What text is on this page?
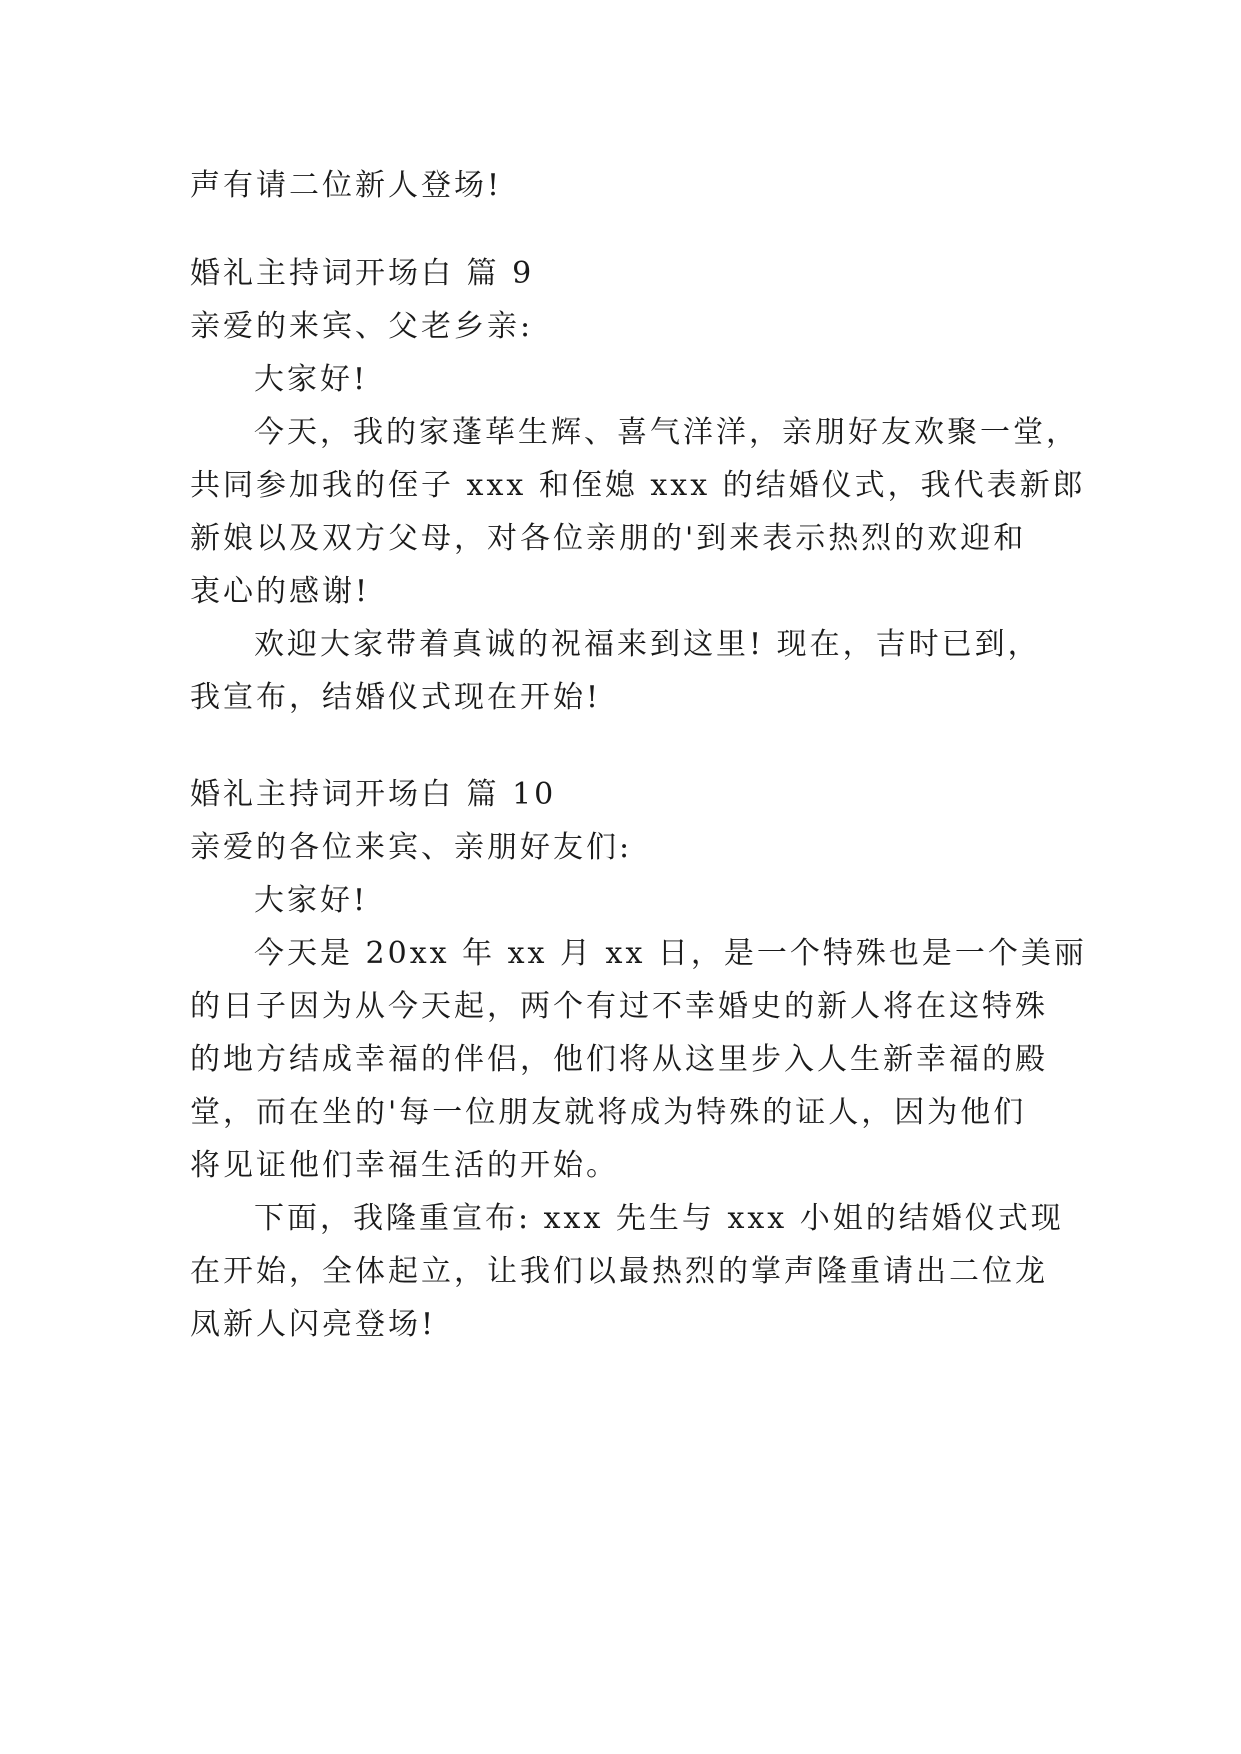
声有请二位新人登场!
婚礼主持词开场白 篇 9
亲爱的来宾、父老乡亲:
大家好!
今天，我的家蓬荜生辉、喜气洋洋，亲朋好友欢聚一堂，
共同参加我的侄子 xxx 和侄媳 xxx 的结婚仪式，我代表新郎
新娘以及双方父母，对各位亲朋的'到来表示热烈的欢迎和
衷心的感谢!
欢迎大家带着真诚的祝福来到这里! 现在，吉时已到，
我宣布，结婚仪式现在开始!
婚礼主持词开场白 篇 10
亲爱的各位来宾、亲朋好友们:
大家好!
今天是 20xx 年 xx 月 xx 日，是一个特殊也是一个美丽
的日子因为从今天起，两个有过不幸婚史的新人将在这特殊
的地方结成幸福的伴侣，他们将从这里步入人生新幸福的殿
堂，而在坐的'每一位朋友就将成为特殊的证人，因为他们
将见证他们幸福生活的开始。
下面，我隆重宣布: xxx 先生与 xxx 小姐的结婚仪式现
在开始，全体起立，让我们以最热烈的掌声隆重请出二位龙
凤新人闪亮登场!
